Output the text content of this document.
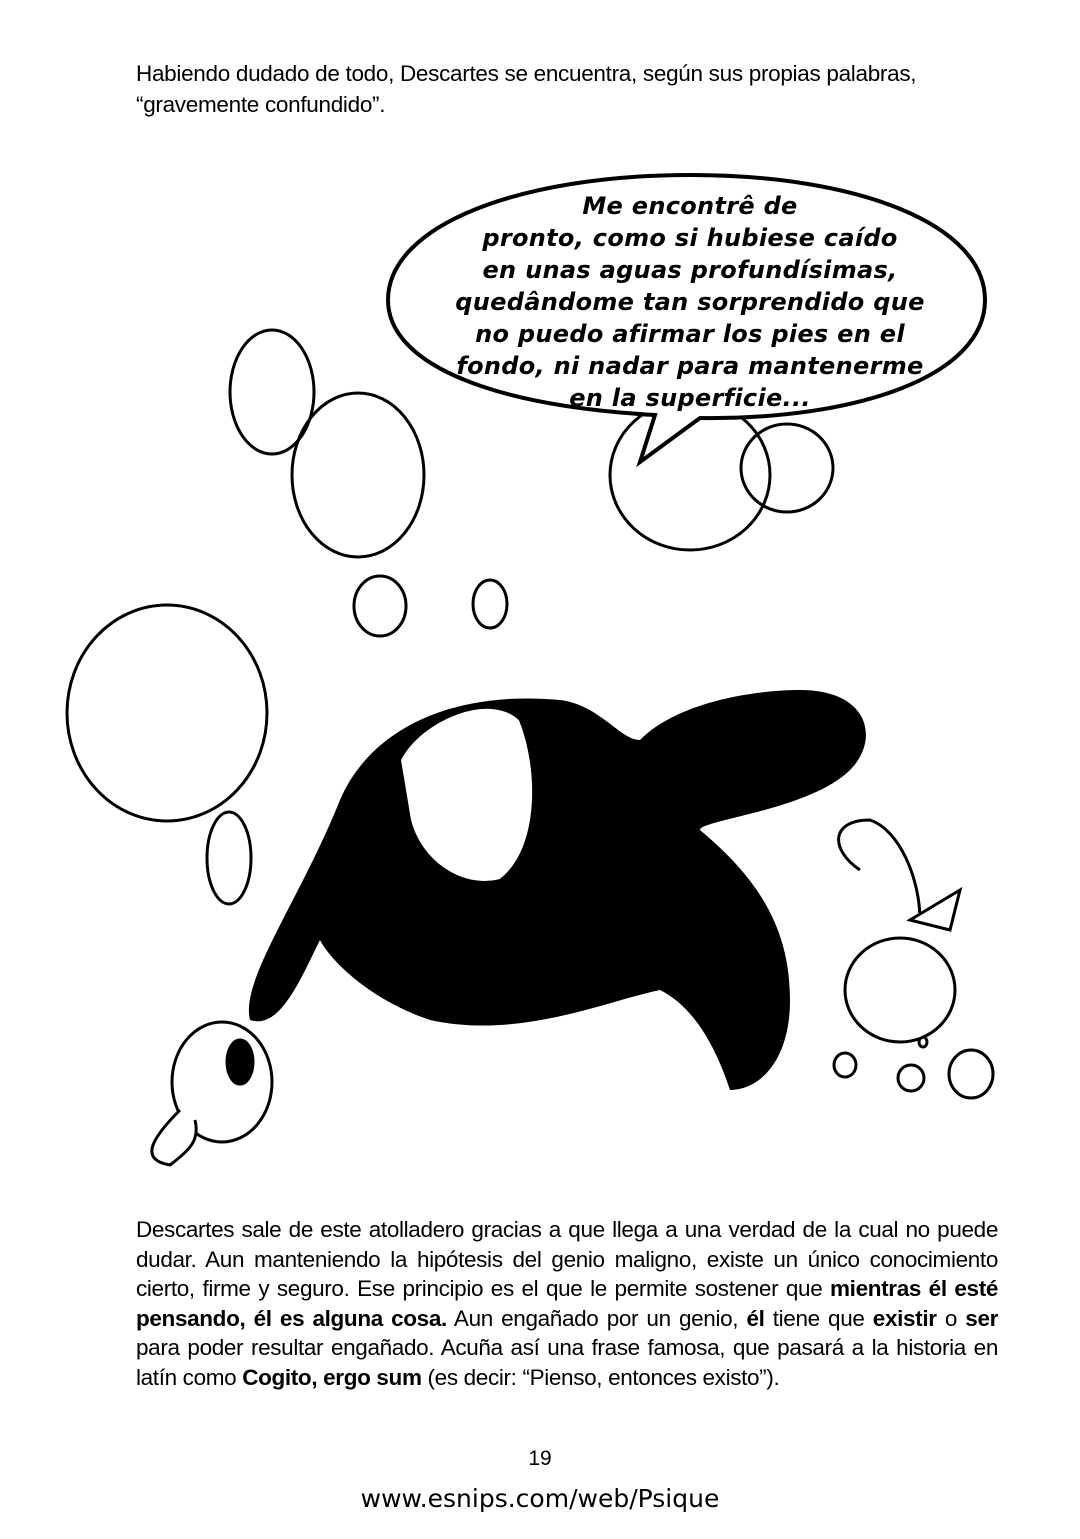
Habiendo dudado de todo, Descartes se encuentra, según sus propias palabras, “gravemente confundido”.
Me encontrê de
pronto, como si hubiese caído
en unas aguas profundísimas,
quedândome tan sorprendido que
no puedo afirmar los pies en el
fondo, ni nadar para mantenerme
en la superficie...
Descartes sale de este atolladero gracias a que llega a una verdad de la cual no puede dudar. Aun manteniendo la hipótesis del genio maligno, existe un único conocimiento cierto, firme y seguro. Ese principio es el que le permite sostener que mientras él esté pensando, él es alguna cosa. Aun engañado por un genio, él tiene que existir o ser para poder resultar engañado. Acuña así una frase famosa, que pasará a la historia en latín como Cogito, ergo sum (es decir: “Pienso, entonces existo”).
19
www.esnips.com/web/Psique
